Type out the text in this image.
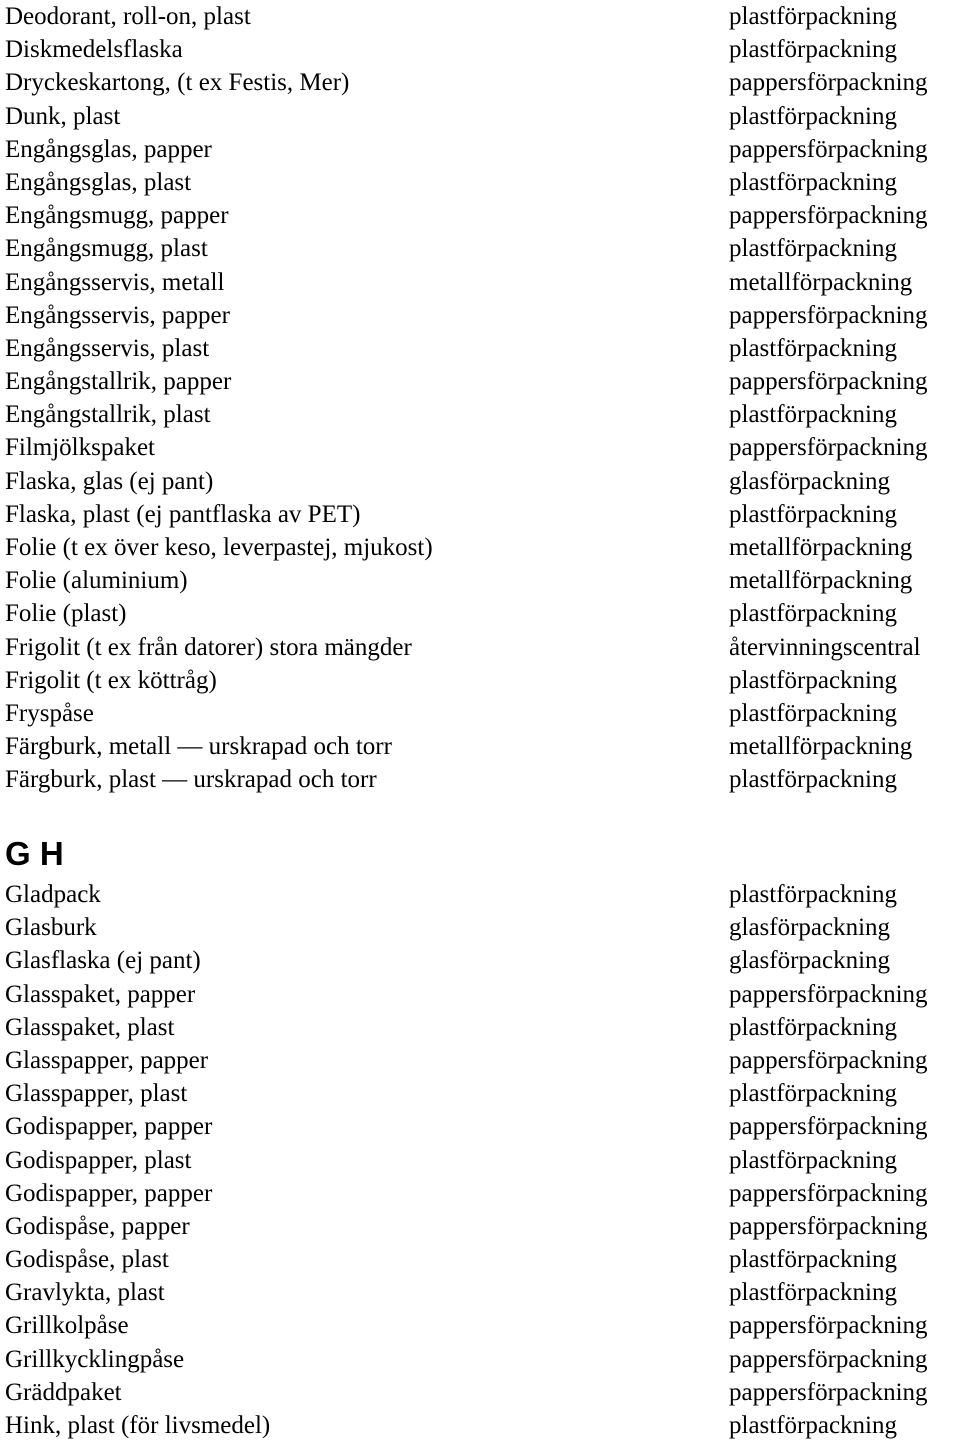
Deodorant, roll-on, plast	plastförpackning
Diskmedelsflaska	plastförpackning
Dryckeskartong, (t ex Festis, Mer)	pappersförpackning
Dunk, plast	plastförpackning
Engångsglas, papper	pappersförpackning
Engångsglas, plast	plastförpackning
Engångsmugg, papper	pappersförpackning
Engångsmugg, plast	plastförpackning
Engångsservis, metall	metallförpackning
Engångsservis, papper	pappersförpackning
Engångsservis, plast	plastförpackning
Engångstallrik, papper	pappersförpackning
Engångstallrik, plast	plastförpackning
Filmjölkspaket	pappersförpackning
Flaska, glas (ej pant)	glasförpackning
Flaska, plast (ej pantflaska av PET)	plastförpackning
Folie (t ex över keso, leverpastej, mjukost)	metallförpackning
Folie (aluminium)	metallförpackning
Folie (plast)	plastförpackning
Frigolit (t ex från datorer) stora mängder	återvinningscentral
Frigolit (t ex köttråg)	plastförpackning
Fryspåse	plastförpackning
Färgburk, metall — urskrapad och torr	metallförpackning
Färgburk, plast — urskrapad och torr	plastförpackning
G H
Gladpack	plastförpackning
Glasburk	glasförpackning
Glasflaska (ej pant)	glasförpackning
Glasspaket, papper	pappersförpackning
Glasspaket, plast	plastförpackning
Glasspapper, papper	pappersförpackning
Glasspapper, plast	plastförpackning
Godispapper, papper	pappersförpackning
Godispapper, plast	plastförpackning
Godispapper, papper	pappersförpackning
Godispåse, papper	pappersförpackning
Godispåse, plast	plastförpackning
Gravlykta, plast	plastförpackning
Grillkolpåse	pappersförpackning
Grillkycklingpåse	pappersförpackning
Gräddpaket	pappersförpackning
Hink, plast (för livsmedel)	plastförpackning
